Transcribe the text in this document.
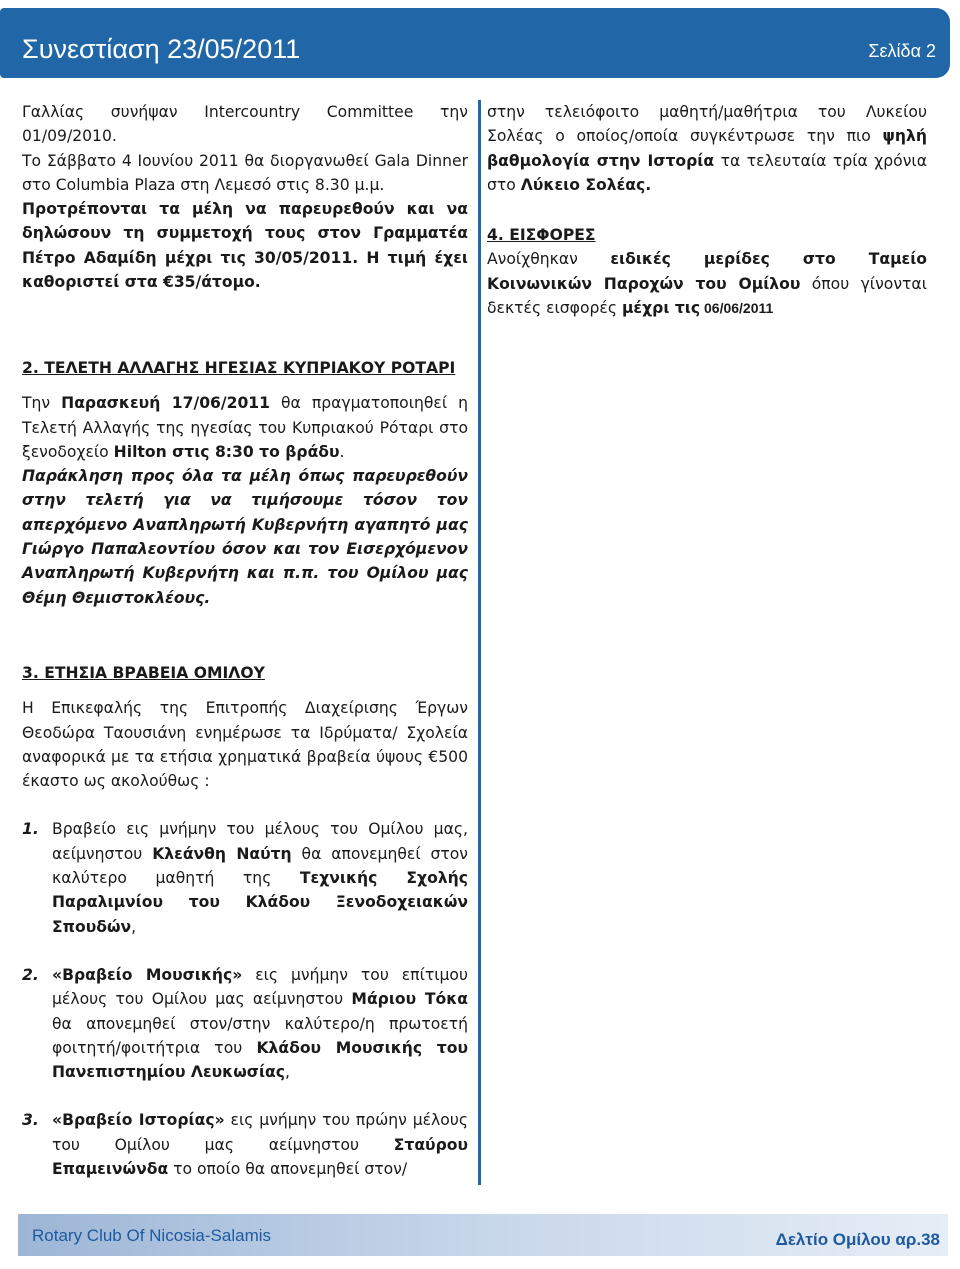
Συνεστίαση 23/05/2011	Σελίδα 2

Γαλλίας συνήψαν Intercountry Committee την 01/09/2010.

Το Σάββατο 4 Ιουνίου 2011 θα διοργανωθεί Gala Dinner στο Columbia Plaza στη Λεμεσό στις 8.30 μ.μ.

Προτρέπονται τα μέλη να παρευρεθούν και να δηλώσουν τη συμμετοχή τους στον Γραμματέα Πέτρο Αδαμίδη μέχρι τις 30/05/2011. Η τιμή έχει καθοριστεί στα €35/άτομο.

2. ΤΕΛΕΤΗ ΑΛΛΑΓΗΣ ΗΓΕΣΙΑΣ ΚΥΠΡΙΑΚΟΥ ΡΟΤΑΡΙ

Την Παρασκευή 17/06/2011 θα πραγματοποιηθεί η Τελετή Αλλαγής της ηγεσίας του Κυπριακού Ρόταρι στο ξενοδοχείο Hilton στις 8:30 το βράδυ.

Παράκληση προς όλα τα μέλη όπως παρευρεθούν στην τελετή για να τιμήσουμε τόσον τον απερχόμενο Αναπληρωτή Κυβερνήτη αγαπητό μας Γιώργο Παπαλεοντίου όσον και τον Εισερχόμενον Αναπληρωτή Κυβερνήτη και π.π. του Ομίλου μας Θέμη Θεμιστοκλέους.

3. ΕΤΗΣΙΑ ΒΡΑΒΕΙΑ ΟΜΙΛΟΥ

Η Επικεφαλής της Επιτροπής Διαχείρισης Έργων Θεοδώρα Ταουσιάνη ενημέρωσε τα Ιδρύματα/ Σχολεία αναφορικά με τα ετήσια χρηματικά βραβεία ύψους €500 έκαστο ως ακολούθως :

1. Βραβείο εις μνήμην του μέλους του Ομίλου μας, αείμνηστου Κλεάνθη Ναύτη θα απονεμηθεί στον καλύτερο μαθητή της Τεχνικής Σχολής Παραλιμνίου του Κλάδου Ξενοδοχειακών Σπουδών,
2. «Βραβείο Μουσικής» εις μνήμην του επίτιμου μέλους του Ομίλου μας αείμνηστου Μάριου Τόκα θα απονεμηθεί στον/στην καλύτερο/η πρωτοετή φοιτητή/φοιτήτρια του Κλάδου Μουσικής του Πανεπιστημίου Λευκωσίας,
3. «Βραβείο Ιστορίας» εις μνήμην του πρώην μέλους του Ομίλου μας αείμνηστου Σταύρου Επαμεινώνδα το οποίο θα απονεμηθεί στον/

στην τελειόφοιτο μαθητή/μαθήτρια του Λυκείου Σολέας ο οποίος/οποία συγκέντρωσε την πιο ψηλή βαθμολογία στην Ιστορία τα τελευταία τρία χρόνια στο Λύκειο Σολέας.

4. ΕΙΣΦΟΡΕΣ

Ανοίχθηκαν ειδικές μερίδες στο Ταμείο Κοινωνικών Παροχών του Ομίλου όπου γίνονται δεκτές εισφορές μέχρι τις 06/06/2011

Rotary Club Of Nicosia-Salamis	Δελτίο Ομίλου αρ.38
